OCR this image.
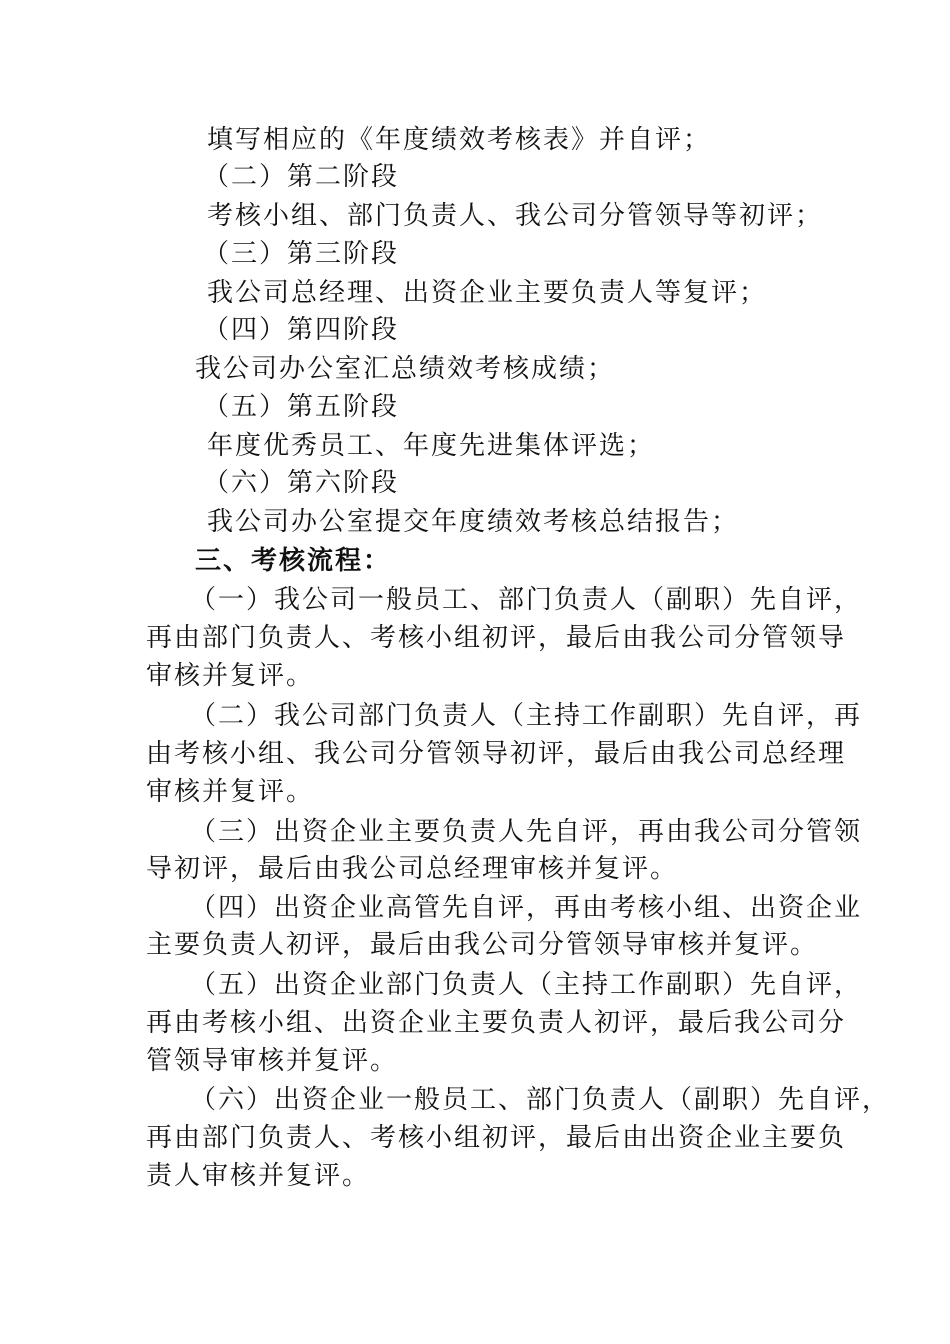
填写相应的《年度绩效考核表》并自评；
（二）第二阶段
考核小组、部门负责人、我公司分管领导等初评；
（三）第三阶段
我公司总经理、出资企业主要负责人等复评；
（四）第四阶段
我公司办公室汇总绩效考核成绩；
（五）第五阶段
年度优秀员工、年度先进集体评选；
（六）第六阶段
我公司办公室提交年度绩效考核总结报告；
三、考核流程：
（一）我公司一般员工、部门负责人（副职）先自评，
再由部门负责人、考核小组初评，最后由我公司分管领导
审核并复评。
（二）我公司部门负责人（主持工作副职）先自评，再
由考核小组、我公司分管领导初评，最后由我公司总经理
审核并复评。
（三）出资企业主要负责人先自评，再由我公司分管领
导初评，最后由我公司总经理审核并复评。
（四）出资企业高管先自评，再由考核小组、出资企业
主要负责人初评，最后由我公司分管领导审核并复评。
（五）出资企业部门负责人（主持工作副职）先自评，
再由考核小组、出资企业主要负责人初评，最后我公司分
管领导审核并复评。
（六）出资企业一般员工、部门负责人（副职）先自评，
再由部门负责人、考核小组初评，最后由出资企业主要负
责人审核并复评。
